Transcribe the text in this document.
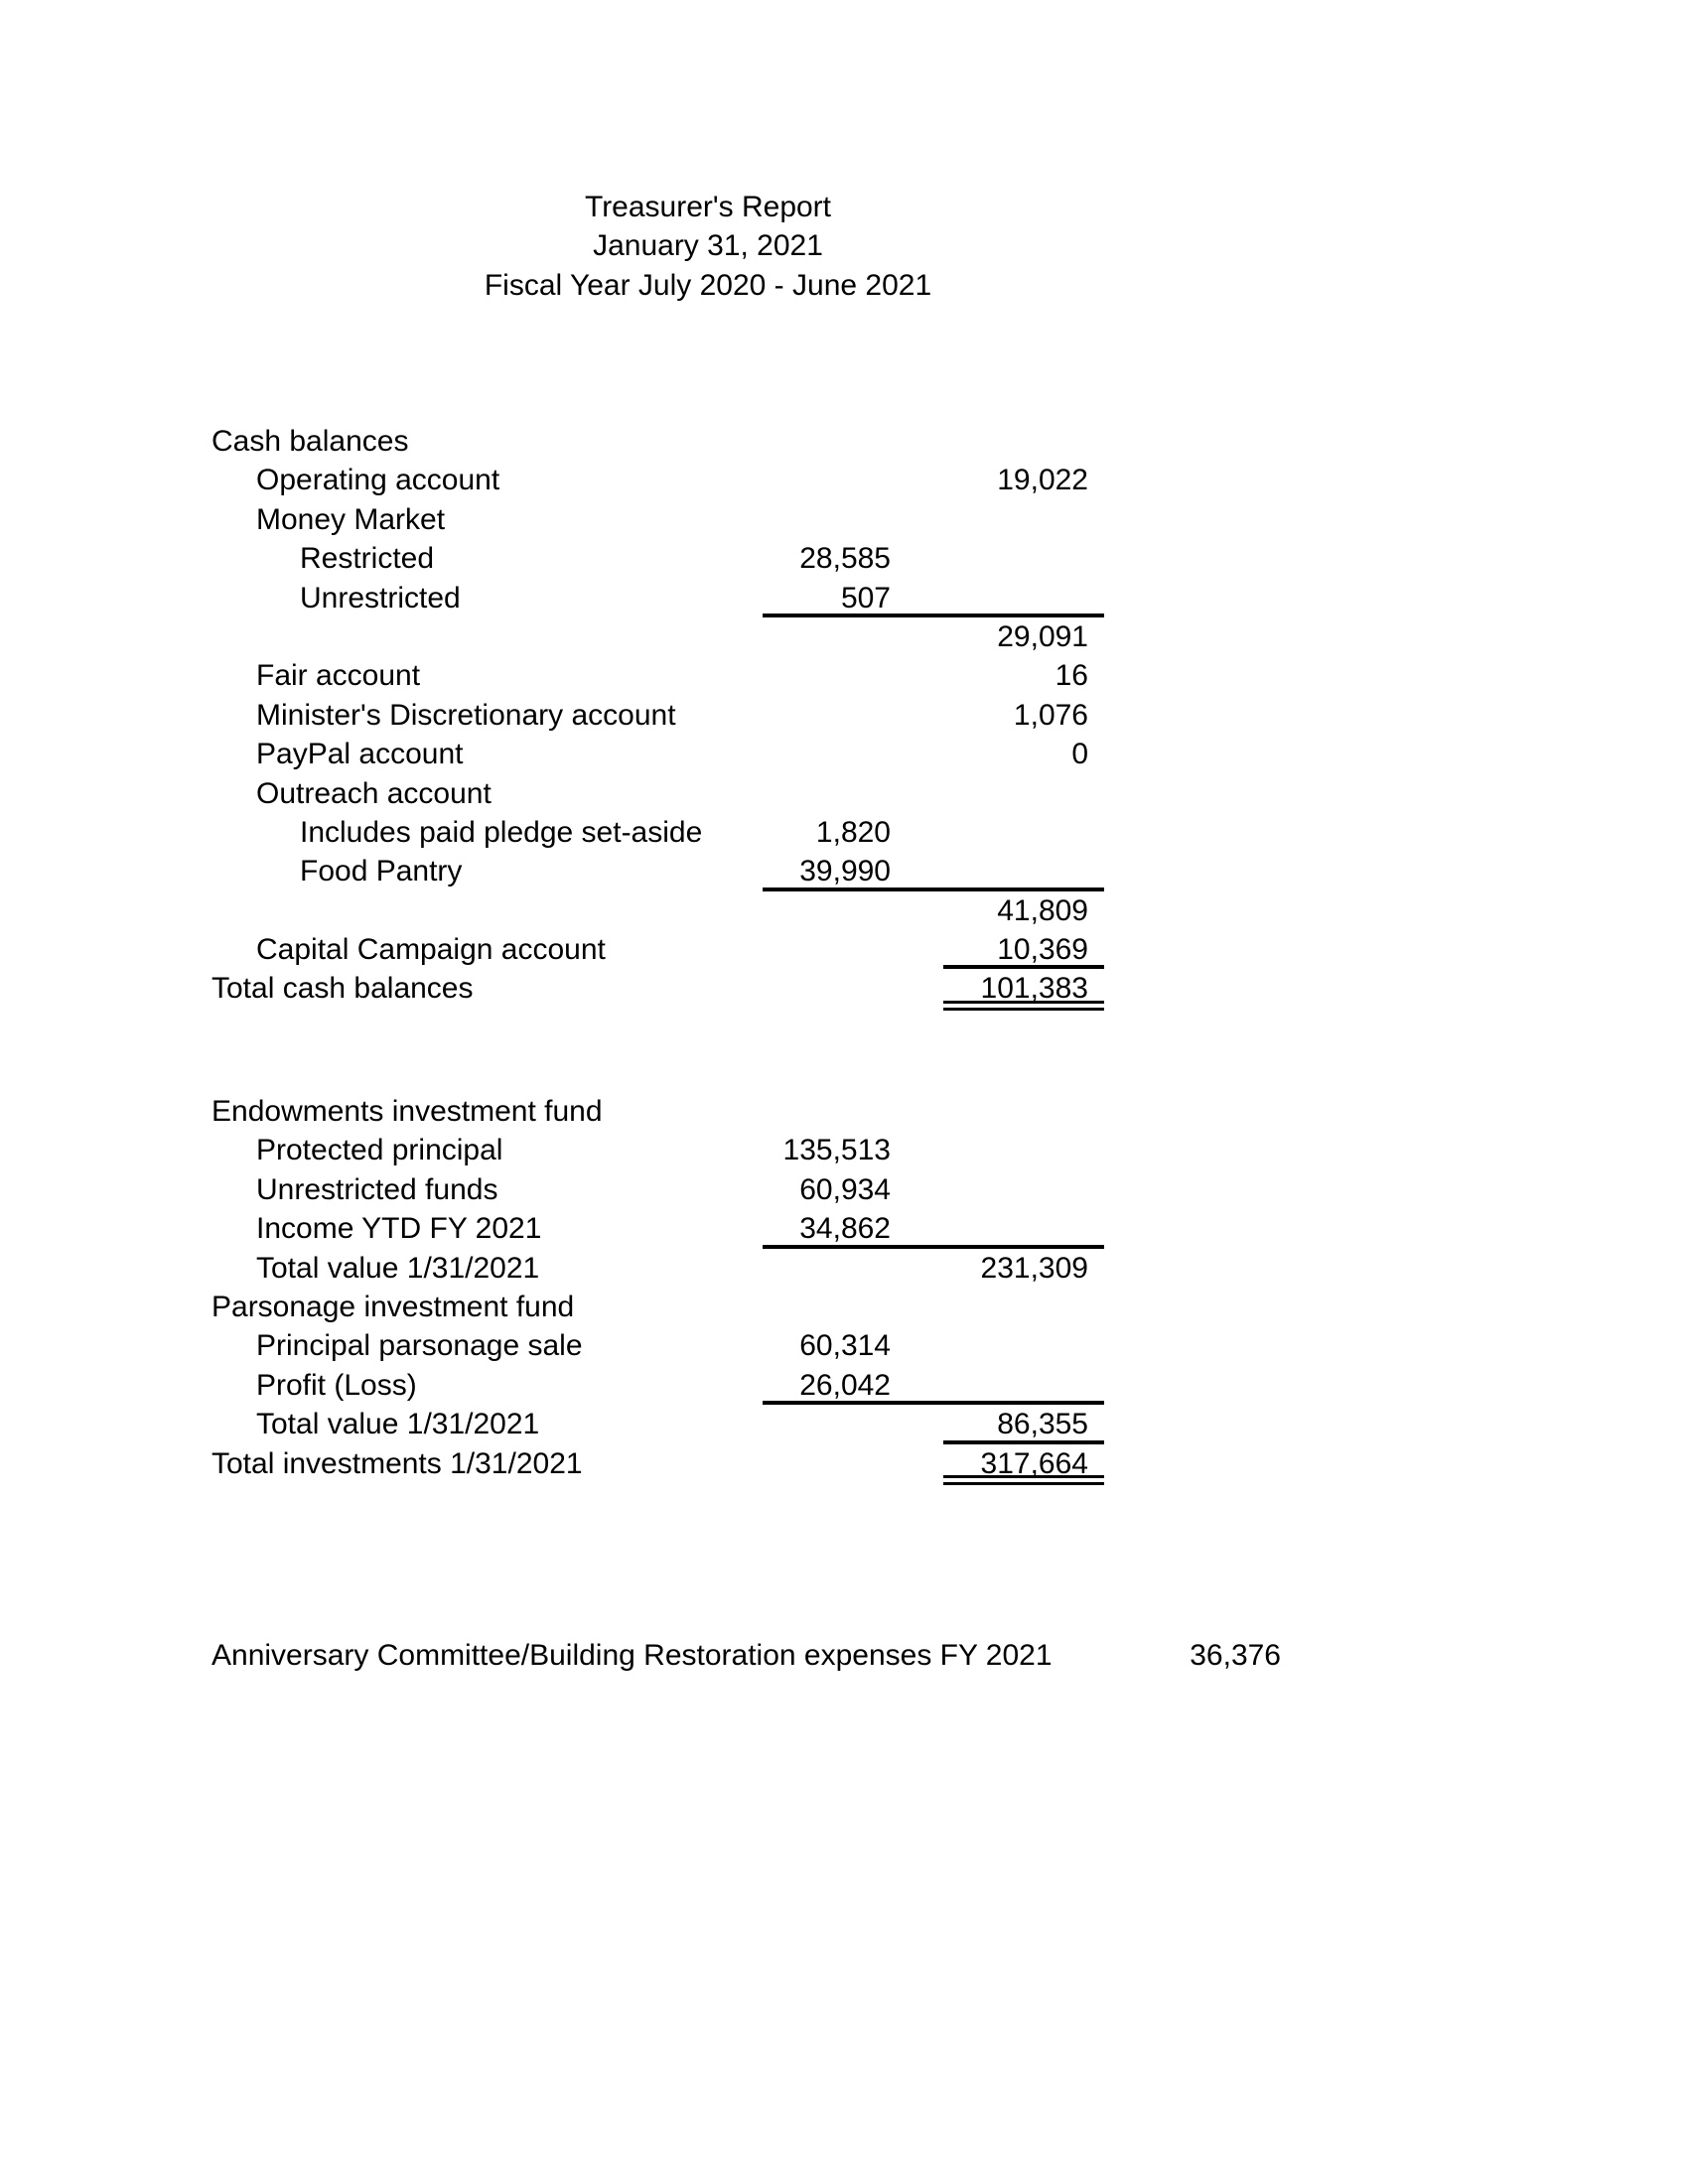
Treasurer's Report
January 31, 2021
Fiscal Year July 2020 - June 2021
Cash balances
Operating account	19,022
Money Market
Restricted	28,585
Unrestricted	507
29,091
Fair account	16
Minister's Discretionary account	1,076
PayPal account	0
Outreach account
Includes paid pledge set-aside	1,820
Food Pantry	39,990
41,809
Capital Campaign account	10,369
Total cash balances	101,383
Endowments investment fund
Protected principal	135,513
Unrestricted funds	60,934
Income YTD FY 2021	34,862
Total value 1/31/2021	231,309
Parsonage investment fund
Principal parsonage sale	60,314
Profit (Loss)	26,042
Total value 1/31/2021	86,355
Total investments 1/31/2021	317,664
Anniversary Committee/Building Restoration expenses FY 2021	36,376
